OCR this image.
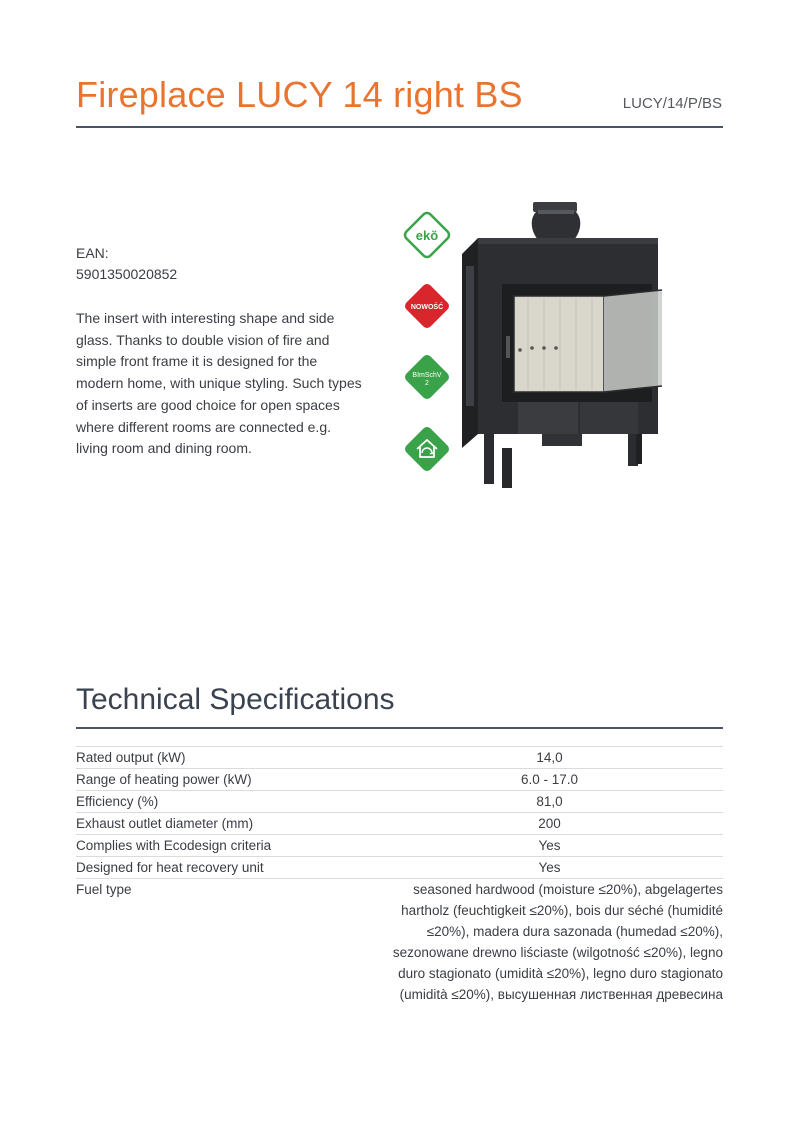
Fireplace LUCY 14 right BS	LUCY/14/P/BS
EAN:
5901350020852
The insert with interesting shape and side glass. Thanks to double vision of fire and simple front frame it is designed for the modern home, with unique styling. Such types of inserts are good choice for open spaces where different rooms are connected e.g. living room and dining room.
ekŏ
NOWOŚĆ
BImSchV
2
Technical Specifications
Rated output (kW)	14,0
Range of heating power (kW)	6.0 - 17.0
Efficiency (%)	81,0
Exhaust outlet diameter (mm)	200
Complies with Ecodesign criteria	Yes
Designed for heat recovery unit	Yes
Fuel type	seasoned hardwood (moisture ≤20%), abgelagertes hartholz (feuchtigkeit ≤20%), bois dur séché (humidité ≤20%), madera dura sazonada (humedad ≤20%), sezonowane drewno liściaste (wilgotność ≤20%), legno duro stagionato (umidità ≤20%), legno duro stagionato (umidità ≤20%), высушенная лиственная древесина
